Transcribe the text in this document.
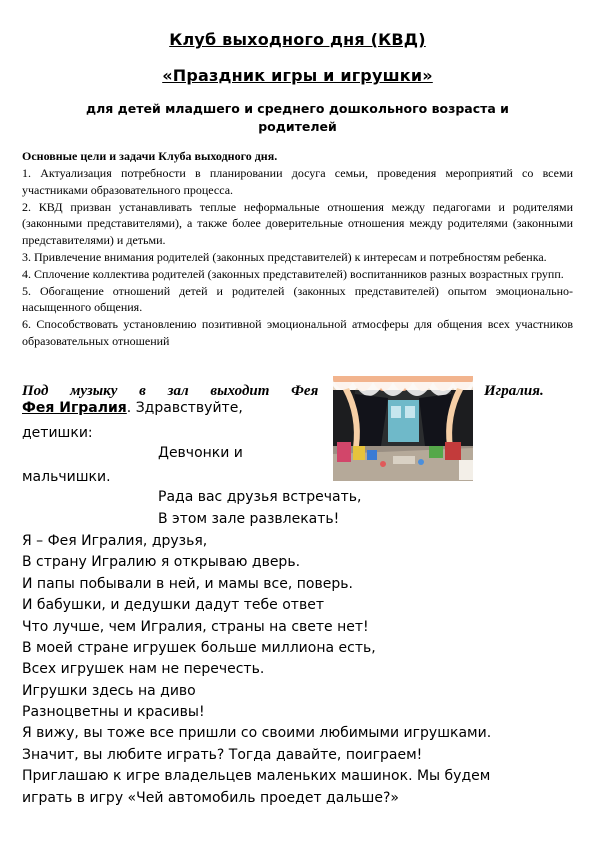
Клуб выходного дня (КВД)
«Праздник игры и игрушки»
для детей младшего и среднего дошкольного возраста и родителей
Основные цели и задачи Клуба выходного дня.

1. Актуализация потребности в планировании досуга семьи, проведения мероприятий со всеми участниками образовательного процесса.

2. КВД призван устанавливать теплые неформальные отношения между педагогами и родителями (законными представителями), а также более доверительные отношения между родителями (законными представителями) и детьми.

3. Привлечение внимания родителей (законных представителей) к интересам и потребностям ребенка.

4. Сплочение коллектива родителей (законных представителей) воспитанников разных возрастных групп.

5. Обогащение отношений детей и родителей (законных представителей) опытом эмоционально-насыщенного общения.

6. Способствовать установлению позитивной эмоциональной атмосферы для общения всех участников образовательных отношений

Под музыку в зал выходит Фея	Игралия.
Фея Игралия. Здравствуйте,
детишки:
Девчонки и
мальчишки.
Рада вас друзья встречать,
В этом зале развлекать!
Я – Фея Игралия, друзья,
В страну Игралию я открываю дверь.
И папы побывали в ней, и мамы все, поверь.
И бабушки, и дедушки дадут тебе ответ
Что лучше, чем Игралия, страны на свете нет!
В моей стране игрушек больше миллиона есть,
Всех игрушек нам не перечесть.
Игрушки здесь на диво
Разноцветны и красивы!
Я вижу, вы тоже все пришли со своими любимыми игрушками.
Значит, вы любите играть? Тогда давайте, поиграем!
Приглашаю к игре владельцев маленьких машинок. Мы будем
играть в игру «Чей автомобиль проедет дальше?»
